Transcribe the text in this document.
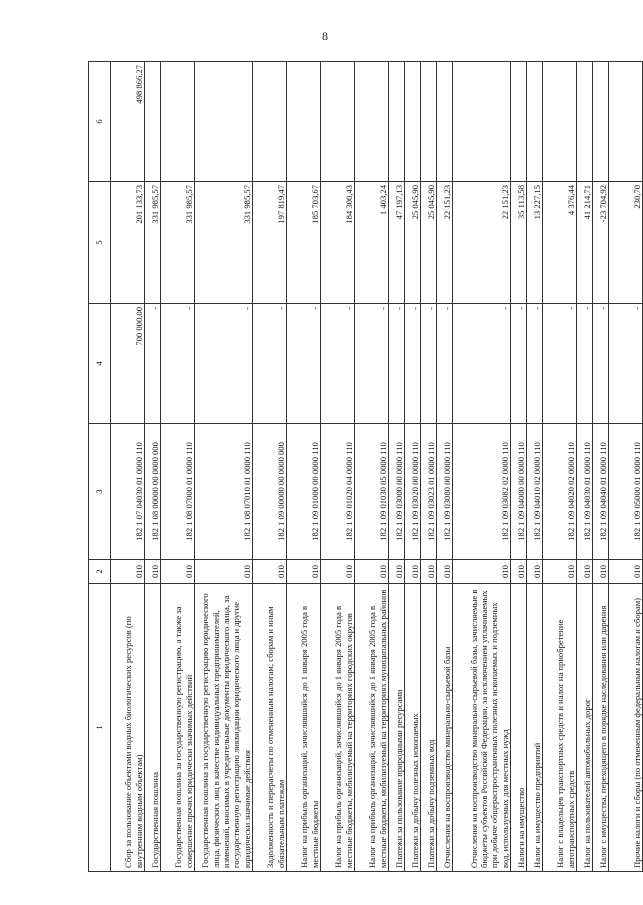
8
1	2	3	4	5	6
Сбор за пользование объектами водных биологических ресурсов (по внутренним водным объектам)	010	182 1 07 04030 01 0000 110	700 000,00	201 133,73	498 866,27
Государственная пошлина	010	182 1 08 00000 00 0000 000	-	331 985,57	
Государственная пошлина за государственную регистрацию, а также за совершение прочих юридически значимых действий	010	182 1 08 07000 01 0000 110	-	331 985,57	
Государственная пошлина за государственную регистрацию юридического лица, физических лиц в качестве индивидуальных предпринимателей, изменений, вносимых в учредительные документы юридического лица, за государственную регистрацию ликвидации юридического лица и другие юридически значимые действия	010	182 1 08 07010 01 0000 110	-	331 985,57	
Задолженность и перерасчеты по отмененным налогам, сборам и иным обязательным платежам	010	182 1 09 00000 00 0000 000	-	197 819,47	
Налог на прибыль организаций, зачислявшийся до 1 января 2005 года в местные бюджеты	010	182 1 09 01000 00 0000 110	-	185 703,67	
Налог на прибыль организаций, зачислявшийся до 1 января 2005 года в местные бюджеты, мобилизуемый на территориях городских округов	010	182 1 09 01020 04 0000 110	-	184 300,43	
Налог на прибыль организаций, зачислявшийся до 1 января 2005 года в местные бюджеты, мобилизуемый на территориях муниципальных районов	010	182 1 09 01030 05 0000 110	-	1 403,24	
Платежи за пользование природными ресурсами	010	182 1 09 03000 00 0000 110	-	47 197,13	
Платежи за добычу полезных ископаемых	010	182 1 09 03020 00 0000 110	-	25 045,90	
Платежи за добычу подземных вод	010	182 1 09 03023 01 0000 110	-	25 045,90	
Отчисления на воспроизводство минерально-сырьевой базы	010	182 1 09 03080 00 0000 110	-	22 151,23	
Отчисления на воспроизводство минерально-сырьевой базы, зачисляемые в бюджеты субъектов Российской Федерации, за исключением уплачиваемых при добыче общераспространенных полезных ископаемых и подземных вод, используемых для местных нужд	010	182 1 09 03082 02 0000 110	-	22 151,23	
Налоги на имущество	010	182 1 09 04000 00 0000 110	-	35 113,58	
Налог на имущество предприятий	010	182 1 09 04010 02 0000 110	-	13 227,15	
Налог с владельцев транспортных средств и налог на приобретение автотранспортных средств	010	182 1 09 04020 02 0000 110	-	4 376,44	
Налог на пользователей автомобильных дорог	010	182 1 09 04030 01 0000 110	-	41 214,71	
Налог с имущества, переходящего в порядке наследования или дарения	010	182 1 09 04040 01 0000 110	-	-23 704,92	
Прочие налоги и сборы (по отмененным федеральным налогам и сборам)	010	182 1 09 05000 01 0000 110	-	230,70	
